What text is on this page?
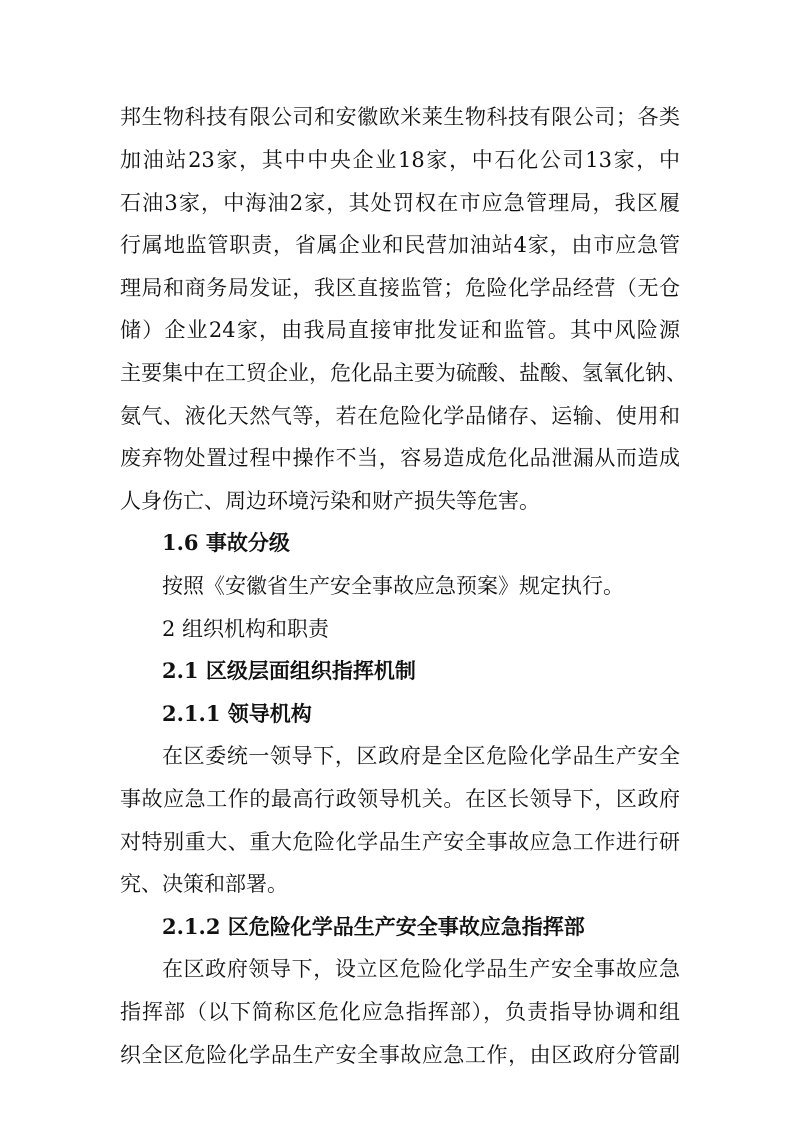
邦生物科技有限公司和安徽欧米莱生物科技有限公司；各类
加油站23家，其中中央企业18家，中石化公司13家，中
石油3家，中海油2家，其处罚权在市应急管理局，我区履
行属地监管职责，省属企业和民营加油站4家，由市应急管
理局和商务局发证，我区直接监管；危险化学品经营（无仓
储）企业24家，由我局直接审批发证和监管。其中风险源
主要集中在工贸企业，危化品主要为硫酸、盐酸、氢氧化钠、
氨气、液化天然气等，若在危险化学品储存、运输、使用和
废弃物处置过程中操作不当，容易造成危化品泄漏从而造成
人身伤亡、周边环境污染和财产损失等危害。
1.6 事故分级
按照《安徽省生产安全事故应急预案》规定执行。
2 组织机构和职责
2.1 区级层面组织指挥机制
2.1.1 领导机构
在区委统一领导下，区政府是全区危险化学品生产安全
事故应急工作的最高行政领导机关。在区长领导下，区政府
对特别重大、重大危险化学品生产安全事故应急工作进行研
究、决策和部署。
2.1.2 区危险化学品生产安全事故应急指挥部
在区政府领导下，设立区危险化学品生产安全事故应急
指挥部（以下简称区危化应急指挥部），负责指导协调和组
织全区危险化学品生产安全事故应急工作，由区政府分管副
